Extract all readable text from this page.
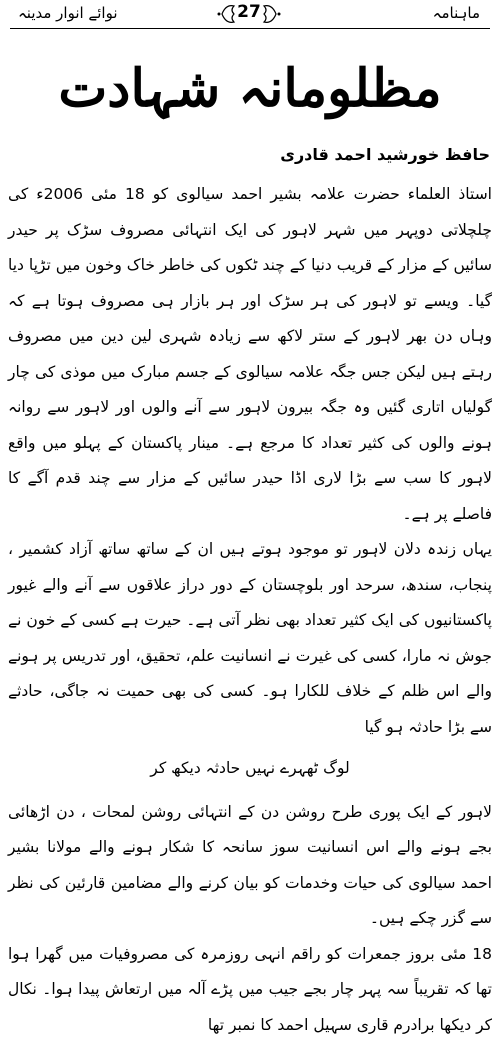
نوائے انوار مدینہ	27	ماہنامہ
مظلومانہ شہادت
حافظ خورشید احمد قادری

استاذ العلماء حضرت علامہ بشیر احمد سیالوی کو 18 مئی 2006ء کی چلچلاتی دوپہر میں شہر لاہور کی ایک انتہائی مصروف سڑک پر حیدر سائیں کے مزار کے قریب دنیا کے چند ٹکوں کی خاطر خاک وخون میں تڑپا دیا گیا۔ ویسے تو لاہور کی ہر سڑک اور ہر بازار ہی مصروف ہوتا ہے کہ وہاں دن بھر لاہور کے ستر لاکھ سے زیادہ شہری لین دین میں مصروف رہتے ہیں لیکن جس جگہ علامہ سیالوی کے جسم مبارک میں موذی کی چار گولیاں اتاری گئیں وہ جگہ بیرون لاہور سے آنے والوں اور لاہور سے روانہ ہونے والوں کی کثیر تعداد کا مرجع ہے۔ مینار پاکستان کے پہلو میں واقع لاہور کا سب سے بڑا لاری اڈا حیدر سائیں کے مزار سے چند قدم آگے کا فاصلے پر ہے۔

یہاں زندہ دلان لاہور تو موجود ہوتے ہیں ان کے ساتھ ساتھ آزاد کشمیر ، پنجاب، سندھ، سرحد اور بلوچستان کے دور دراز علاقوں سے آنے والے غیور پاکستانیوں کی ایک کثیر تعداد بھی نظر آتی ہے۔ حیرت ہے کسی کے خون نے جوش نہ مارا، کسی کی غیرت نے انسانیت علم، تحقیق، اور تدریس پر ہونے والے اس ظلم کے خلاف للکارا ہو۔ کسی کی بھی حمیت نہ جاگی، حادثے سے بڑا حادثہ ہو گیا

لوگ ٹھہرے نہیں حادثہ دیکھ کر

لاہور کے ایک پوری طرح روشن دن کے انتہائی روشن لمحات ، دن اڑھائی بجے ہونے والے اس انسانیت سوز سانحہ کا شکار ہونے والے مولانا بشیر احمد سیالوی کی حیات وخدمات کو بیان کرنے والے مضامین قارئین کی نظر سے گزر چکے ہیں۔

18 مئی بروز جمعرات کو راقم انہی روزمرہ کی مصروفیات میں گھرا ہوا تھا کہ تقریباً سہ پہر چار بجے جیب میں پڑے آلہ میں ارتعاش پیدا ہوا۔ نکال کر دیکھا برادرم قاری سہیل احمد کا نمبر تھا
